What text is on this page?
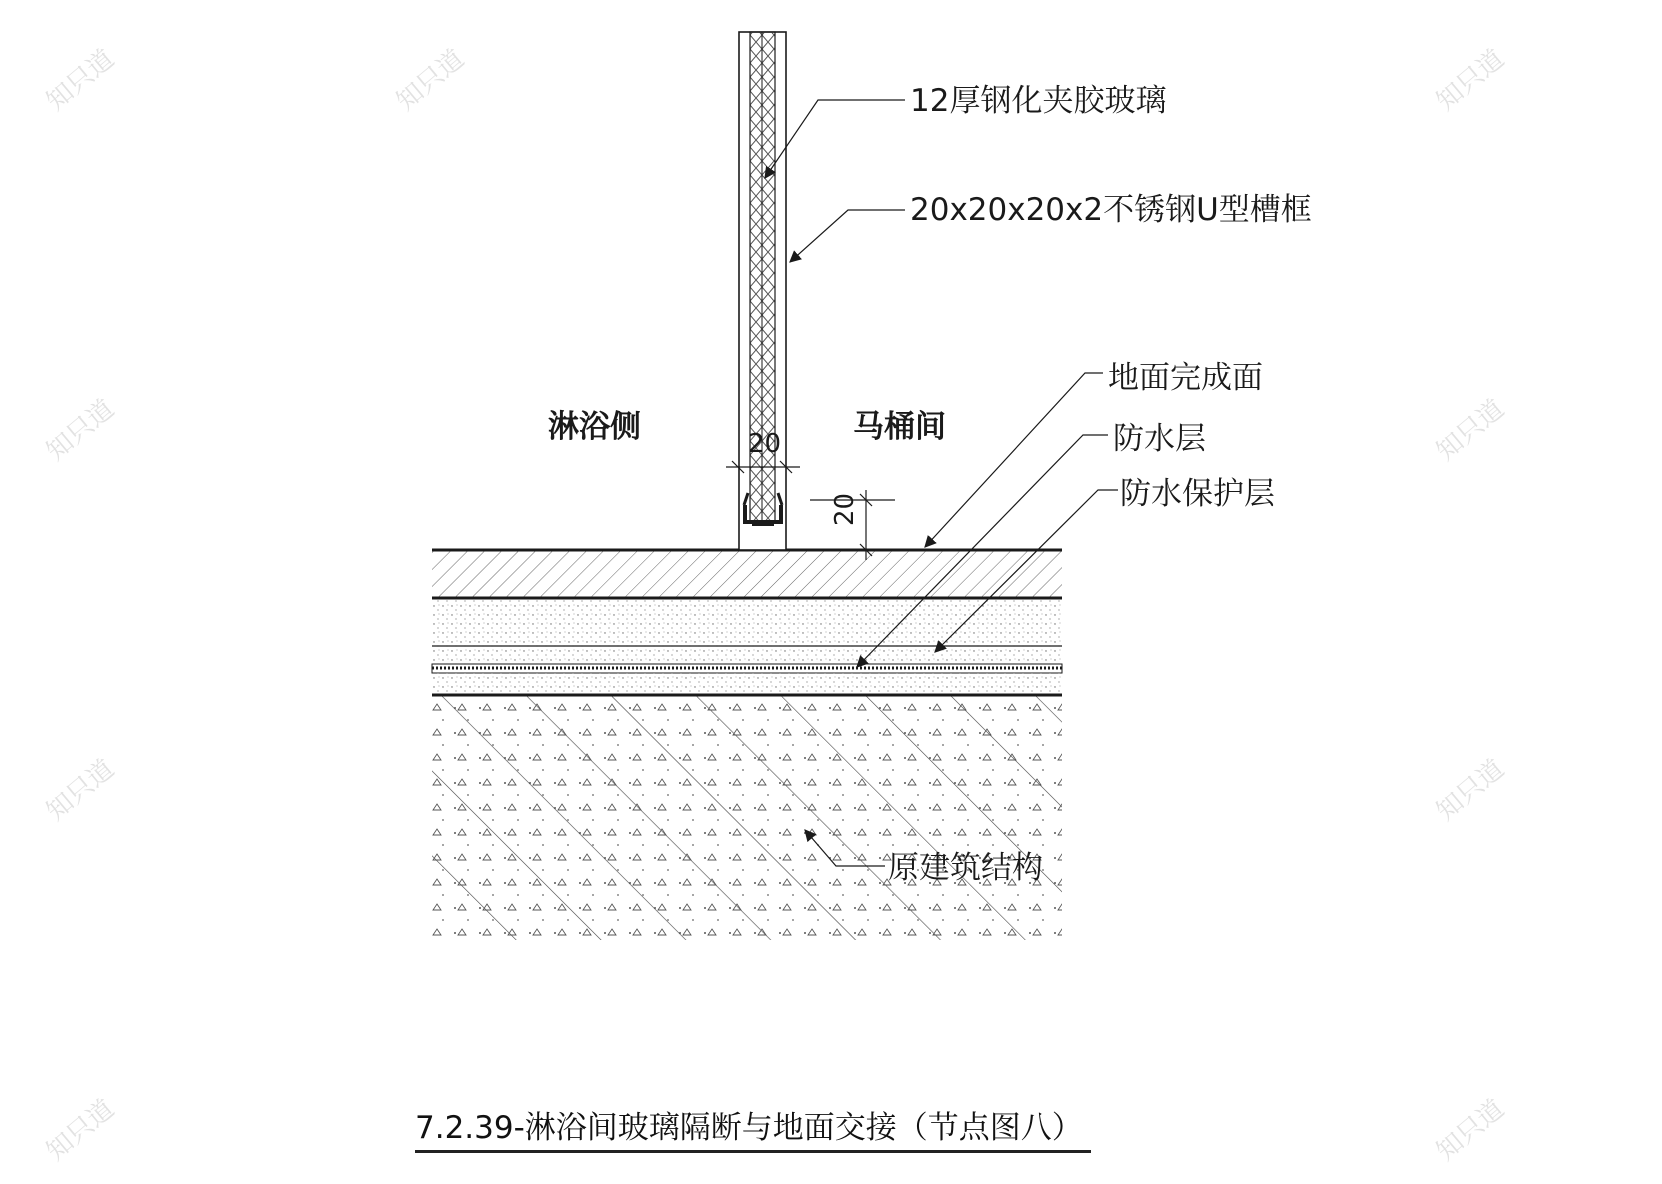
12厚钢化夹胶玻璃
20x20x20x2不锈钢U型槽框
地面完成面
防水层
防水保护层
淋浴侧	马桶间
原建筑结构
20
20
7.2.39-淋浴间玻璃隔断与地面交接（节点图八）
知只道	知只道	知只道
知只道	知只道
知只道	知只道
知只道	知只道
